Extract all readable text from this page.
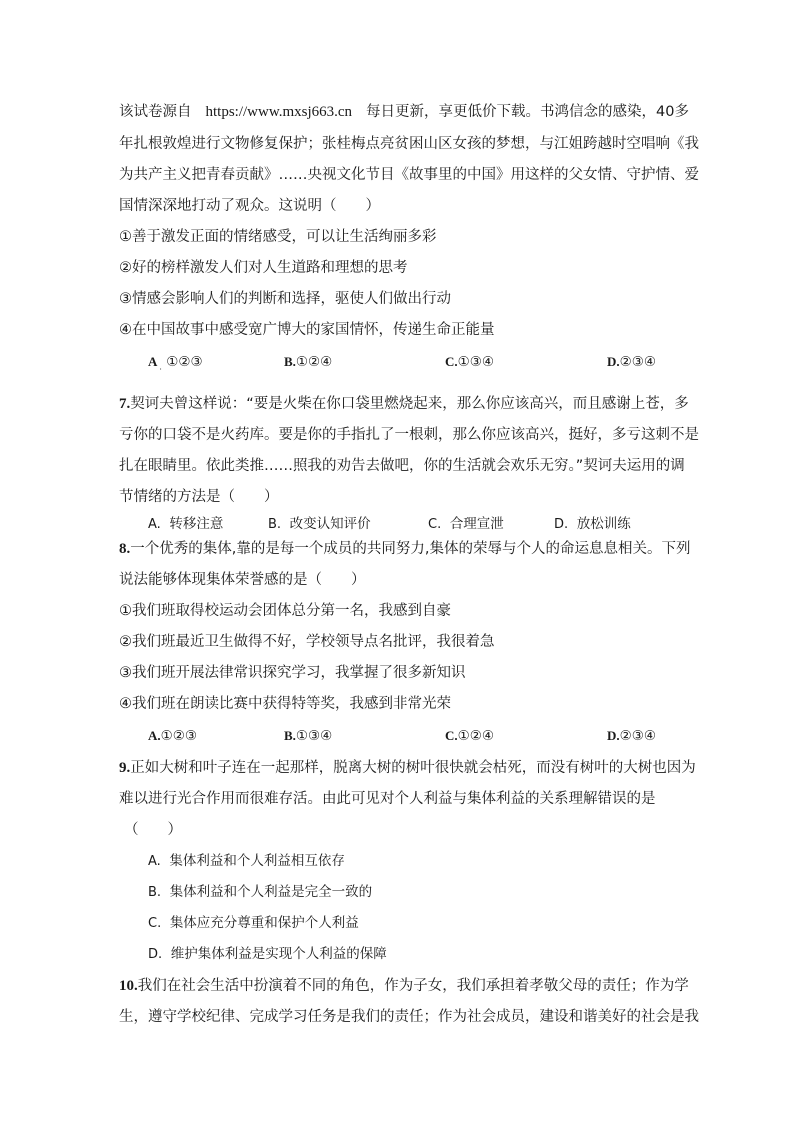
该试卷源自 https://www.mxsj663.cn 每日更新，享更低价下载。书鸿信念的感染，40多
年扎根敦煌进行文物修复保护；张桂梅点亮贫困山区女孩的梦想，与江姐跨越时空唱响《我
为共产主义把青春贡献》……央视文化节目《故事里的中国》用这样的父女情、守护情、爱
国情深深地打动了观众。这说明（　　）
①善于激发正面的情绪感受，可以让生活绚丽多彩
②好的榜样激发人们对人生道路和理想的思考
③情感会影响人们的判断和选择，驱使人们做出行动
④在中国故事中感受宽广博大的家国情怀，传递生命正能量
$A_\cdot$ ①②③	B.①②④	C.①③④	D.②③④
7.契诃夫曾这样说：“要是火柴在你口袋里燃烧起来，那么你应该高兴，而且感谢上苍，多
亏你的口袋不是火药库。要是你的手指扎了一根刺，那么你应该高兴，挺好，多亏这刺不是
扎在眼睛里。依此类推……照我的劝告去做吧，你的生活就会欢乐无穷。”契诃夫运用的调
节情绪的方法是（　　）
A. 转移注意	B. 改变认知评价	C. 合理宣泄	D. 放松训练
8.一个优秀的集体,靠的是每一个成员的共同努力,集体的荣辱与个人的命运息息相关。下列
说法能够体现集体荣誉感的是（　　）
①我们班取得校运动会团体总分第一名，我感到自豪
②我们班最近卫生做得不好，学校领导点名批评，我很着急
③我们班开展法律常识探究学习，我掌握了很多新知识
④我们班在朗读比赛中获得特等奖，我感到非常光荣
A.①②③	B.①③④	C.①②④	D.②③④
9.正如大树和叶子连在一起那样，脱离大树的树叶很快就会枯死，而没有树叶的大树也因为
难以进行光合作用而很难存活。由此可见对个人利益与集体利益的关系理解错误的是
（　　）
A. 集体利益和个人利益相互依存
B. 集体利益和个人利益是完全一致的
C. 集体应充分尊重和保护个人利益
D. 维护集体利益是实现个人利益的保障
10.我们在社会生活中扮演着不同的角色，作为子女，我们承担着孝敬父母的责任；作为学
生，遵守学校纪律、完成学习任务是我们的责任；作为社会成员，建设和谐美好的社会是我
